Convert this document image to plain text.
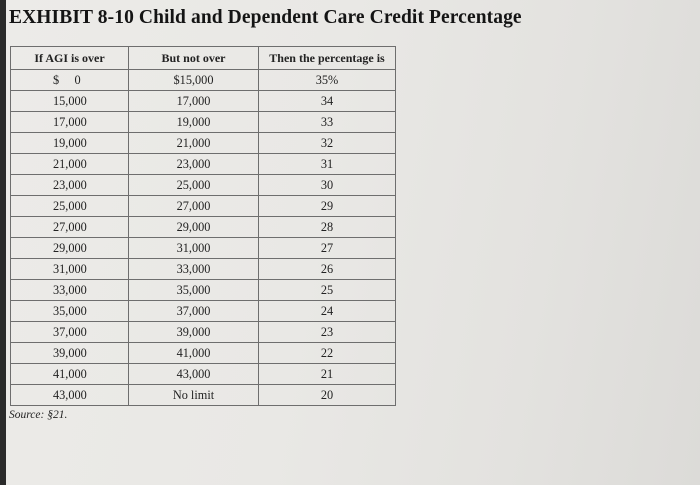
EXHIBIT 8-10 Child and Dependent Care Credit Percentage
If AGI is over	But not over	Then the percentage is
$     0	$15,000	35%
15,000	17,000	34
17,000	19,000	33
19,000	21,000	32
21,000	23,000	31
23,000	25,000	30
25,000	27,000	29
27,000	29,000	28
29,000	31,000	27
31,000	33,000	26
33,000	35,000	25
35,000	37,000	24
37,000	39,000	23
39,000	41,000	22
41,000	43,000	21
43,000	No limit	20
Source: §21.
